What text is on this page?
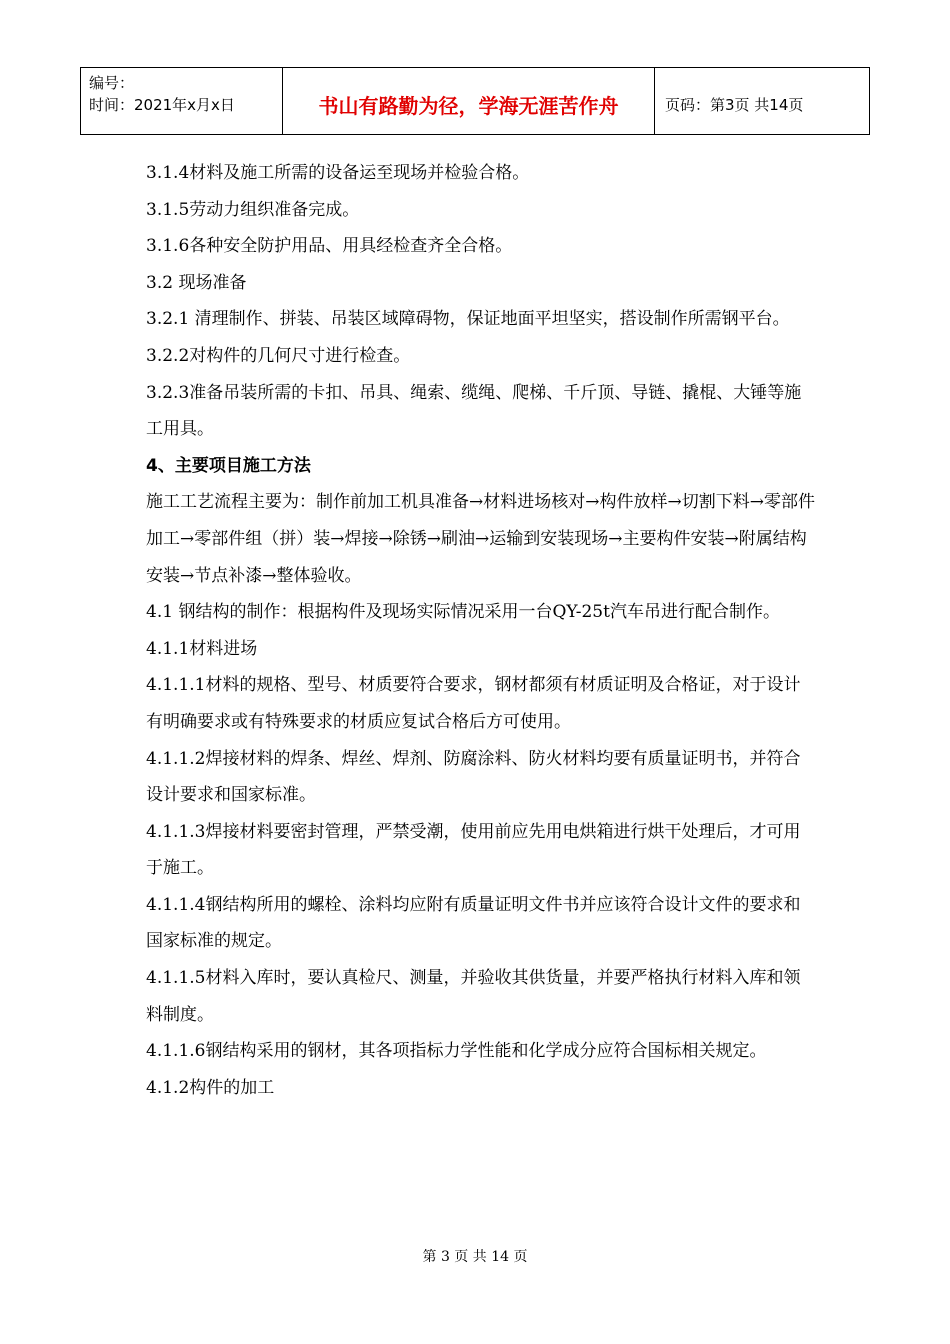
编号：
时间：2021年x月x日	书山有路勤为径，学海无涯苦作舟	页码：第3页 共14页

3.1.4材料及施工所需的设备运至现场并检验合格。

3.1.5劳动力组织准备完成。

3.1.6各种安全防护用品、用具经检查齐全合格。

3.2 现场准备

3.2.1 清理制作、拼装、吊装区域障碍物，保证地面平坦坚实，搭设制作所需钢平台。

3.2.2对构件的几何尺寸进行检查。

3.2.3准备吊装所需的卡扣、吊具、绳索、缆绳、爬梯、千斤顶、导链、撬棍、大锤等施工用具。

4、主要项目施工方法

施工工艺流程主要为：制作前加工机具准备→材料进场核对→构件放样→切割下料→零部件加工→零部件组（拼）装→焊接→除锈→刷油→运输到安装现场→主要构件安装→附属结构安装→节点补漆→整体验收。

4.1 钢结构的制作：根据构件及现场实际情况采用一台QY-25t汽车吊进行配合制作。

4.1.1材料进场

4.1.1.1材料的规格、型号、材质要符合要求，钢材都须有材质证明及合格证，对于设计有明确要求或有特殊要求的材质应复试合格后方可使用。

4.1.1.2焊接材料的焊条、焊丝、焊剂、防腐涂料、防火材料均要有质量证明书，并符合设计要求和国家标准。

4.1.1.3焊接材料要密封管理，严禁受潮，使用前应先用电烘箱进行烘干处理后，才可用于施工。

4.1.1.4钢结构所用的螺栓、涂料均应附有质量证明文件书并应该符合设计文件的要求和国家标准的规定。

4.1.1.5材料入库时，要认真检尺、测量，并验收其供货量，并要严格执行材料入库和领料制度。

4.1.1.6钢结构采用的钢材，其各项指标力学性能和化学成分应符合国标相关规定。

4.1.2构件的加工

第 3 页 共 14 页
